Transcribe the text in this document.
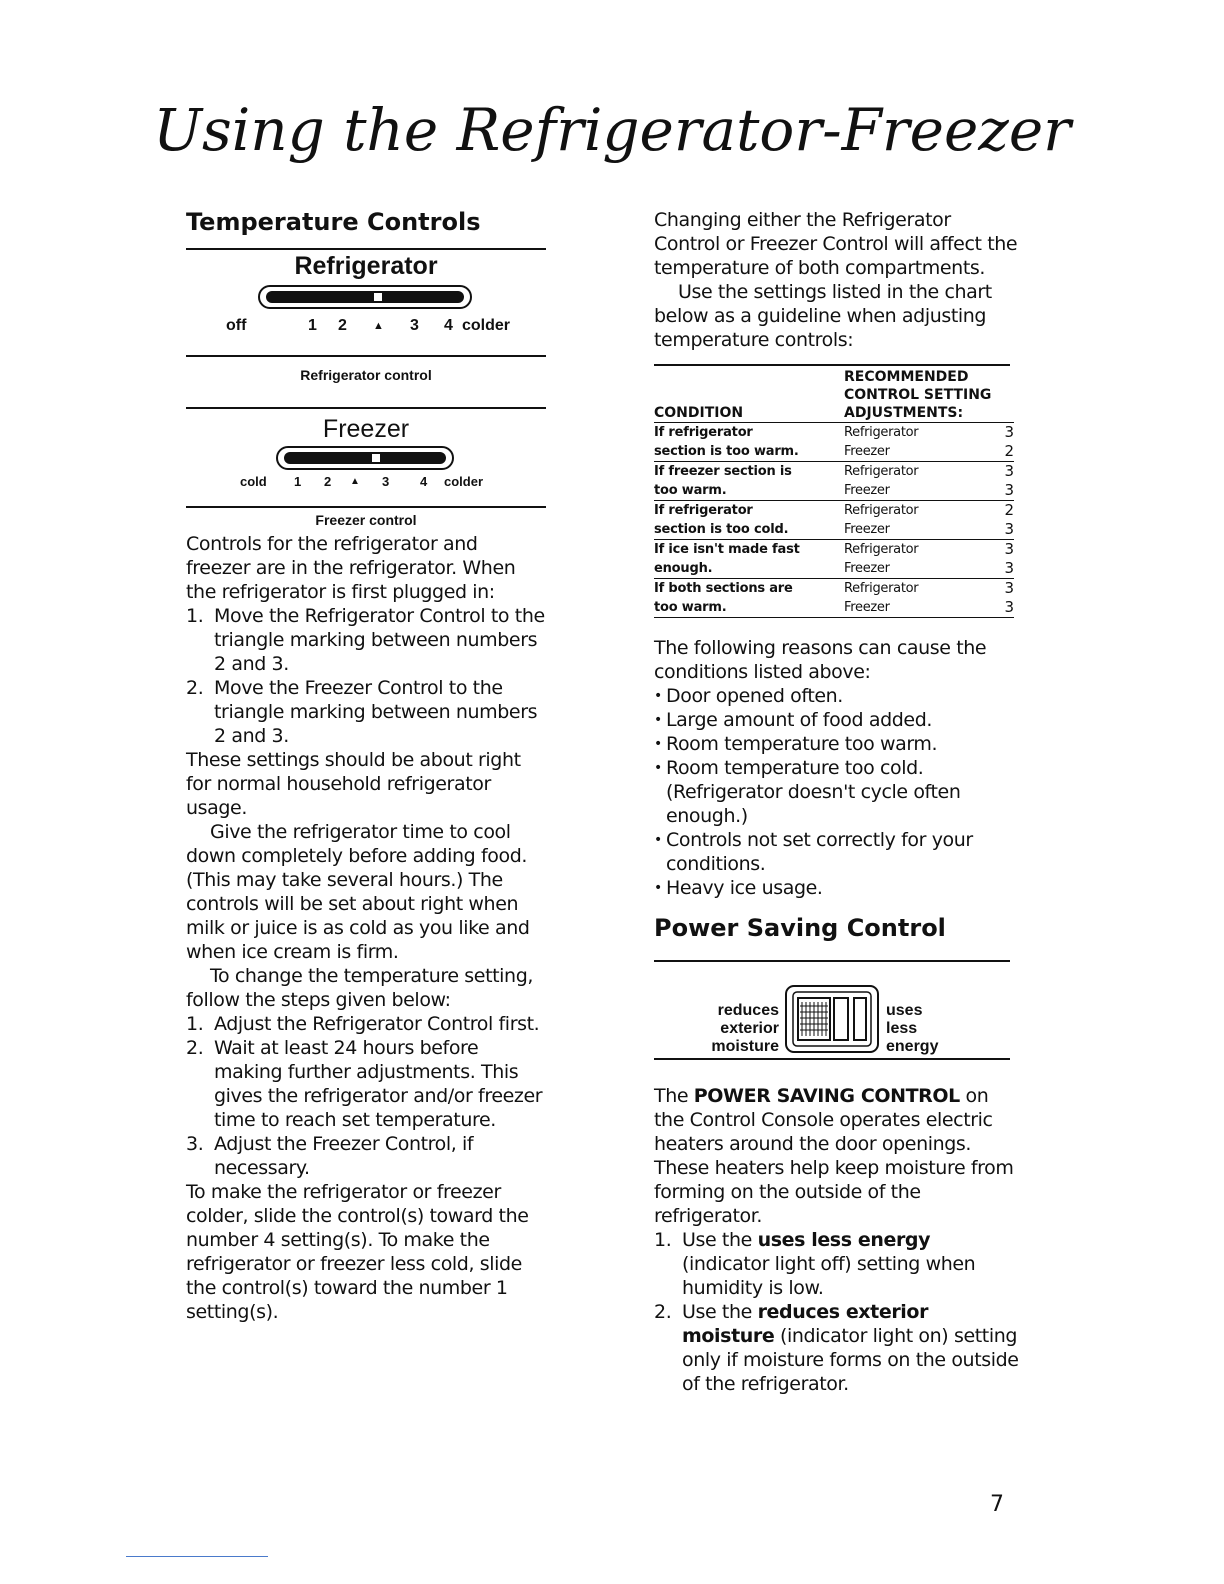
Using the Refrigerator-Freezer
Temperature Controls
Refrigerator
off	1 2 ▲ 3 4 colder
Refrigerator control
Freezer
cold 1 2 ▲ 3 4 colder
Freezer control

Controls for the refrigerator and freezer are in the refrigerator. When the refrigerator is first plugged in:

1. Move the Refrigerator Control to the triangle marking between numbers 2 and 3.
2. Move the Freezer Control to the triangle marking between numbers 2 and 3.

These settings should be about right for normal household refrigerator usage.

Give the refrigerator time to cool down completely before adding food. (This may take several hours.) The controls will be set about right when milk or juice is as cold as you like and when ice cream is firm.

To change the temperature setting, follow the steps given below:

1. Adjust the Refrigerator Control first.
2. Wait at least 24 hours before making further adjustments. This gives the refrigerator and/or freezer time to reach set temperature.
3. Adjust the Freezer Control, if necessary.

To make the refrigerator or freezer colder, slide the control(s) toward the number 4 setting(s). To make the refrigerator or freezer less cold, slide the control(s) toward the number 1 setting(s).

Changing either the Refrigerator Control or Freezer Control will affect the temperature of both compartments.

Use the settings listed in the chart below as a guideline when adjusting temperature controls:

CONDITION	RECOMMENDED
CONTROL SETTING
ADJUSTMENTS:	

If refrigerator	Refrigerator	3
section is too warm.	Freezer	2
If freezer section is	Refrigerator	3
too warm.	Freezer	3
If refrigerator	Refrigerator	2
section is too cold.	Freezer	3
If ice isn't made fast	Refrigerator	3
enough.	Freezer	3
If both sections are	Refrigerator	3
too warm.	Freezer	3

The following reasons can cause the conditions listed above:

• Door opened often.
• Large amount of food added.
• Room temperature too warm.
• Room temperature too cold. (Refrigerator doesn't cycle often enough.)
• Controls not set correctly for your conditions.
• Heavy ice usage.
Power Saving Control
reduces
exterior
moisture
uses
less
energy

The POWER SAVING CONTROL on the Control Console operates electric heaters around the door openings. These heaters help keep moisture from forming on the outside of the refrigerator.

1. Use the uses less energy (indicator light off) setting when humidity is low.
2. Use the reduces exterior moisture (indicator light on) setting only if moisture forms on the outside of the refrigerator.
7
